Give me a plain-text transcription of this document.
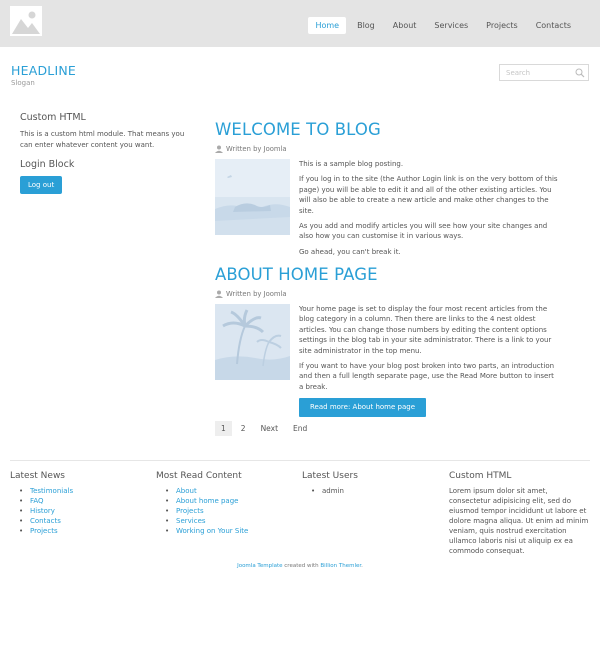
Home	Blog	About	Services	Projects	Contacts
HEADLINE
Slogan
Search
Custom HTML
This is a custom html module. That means you can enter whatever content you want.
Login Block
Log out
WELCOME TO BLOG
Written by Joomla

This is a sample blog posting.

If you log in to the site (the Author Login link is on the very bottom of this page) you will be able to edit it and all of the other existing articles. You will also be able to create a new article and make other changes to the site.

As you add and modify articles you will see how your site changes and also how you can customise it in various ways.

Go ahead, you can't break it.

ABOUT HOME PAGE
Written by Joomla

Your home page is set to display the four most recent articles from the blog category in a column. Then there are links to the 4 nest oldest articles. You can change those numbers by editing the content options settings in the blog tab in your site administrator. There is a link to your site administrator in the top menu.

If you want to have your blog post broken into two parts, an introduction and then a full length separate page, use the Read More button to insert a break.

Read more: About home page
1	2	Next	End
Latest News
• Testimonials
• FAQ
• History
• Contacts
• Projects
Most Read Content
• About
• About home page
• Projects
• Services
• Working on Your Site
Latest Users
• admin
Custom HTML
Lorem ipsum dolor sit amet, consectetur adipisicing elit, sed do eiusmod tempor incididunt ut labore et dolore magna aliqua. Ut enim ad minim veniam, quis nostrud exercitation ullamco laboris nisi ut aliquip ex ea commodo consequat.
Joomla Template created with Billion Themler.
